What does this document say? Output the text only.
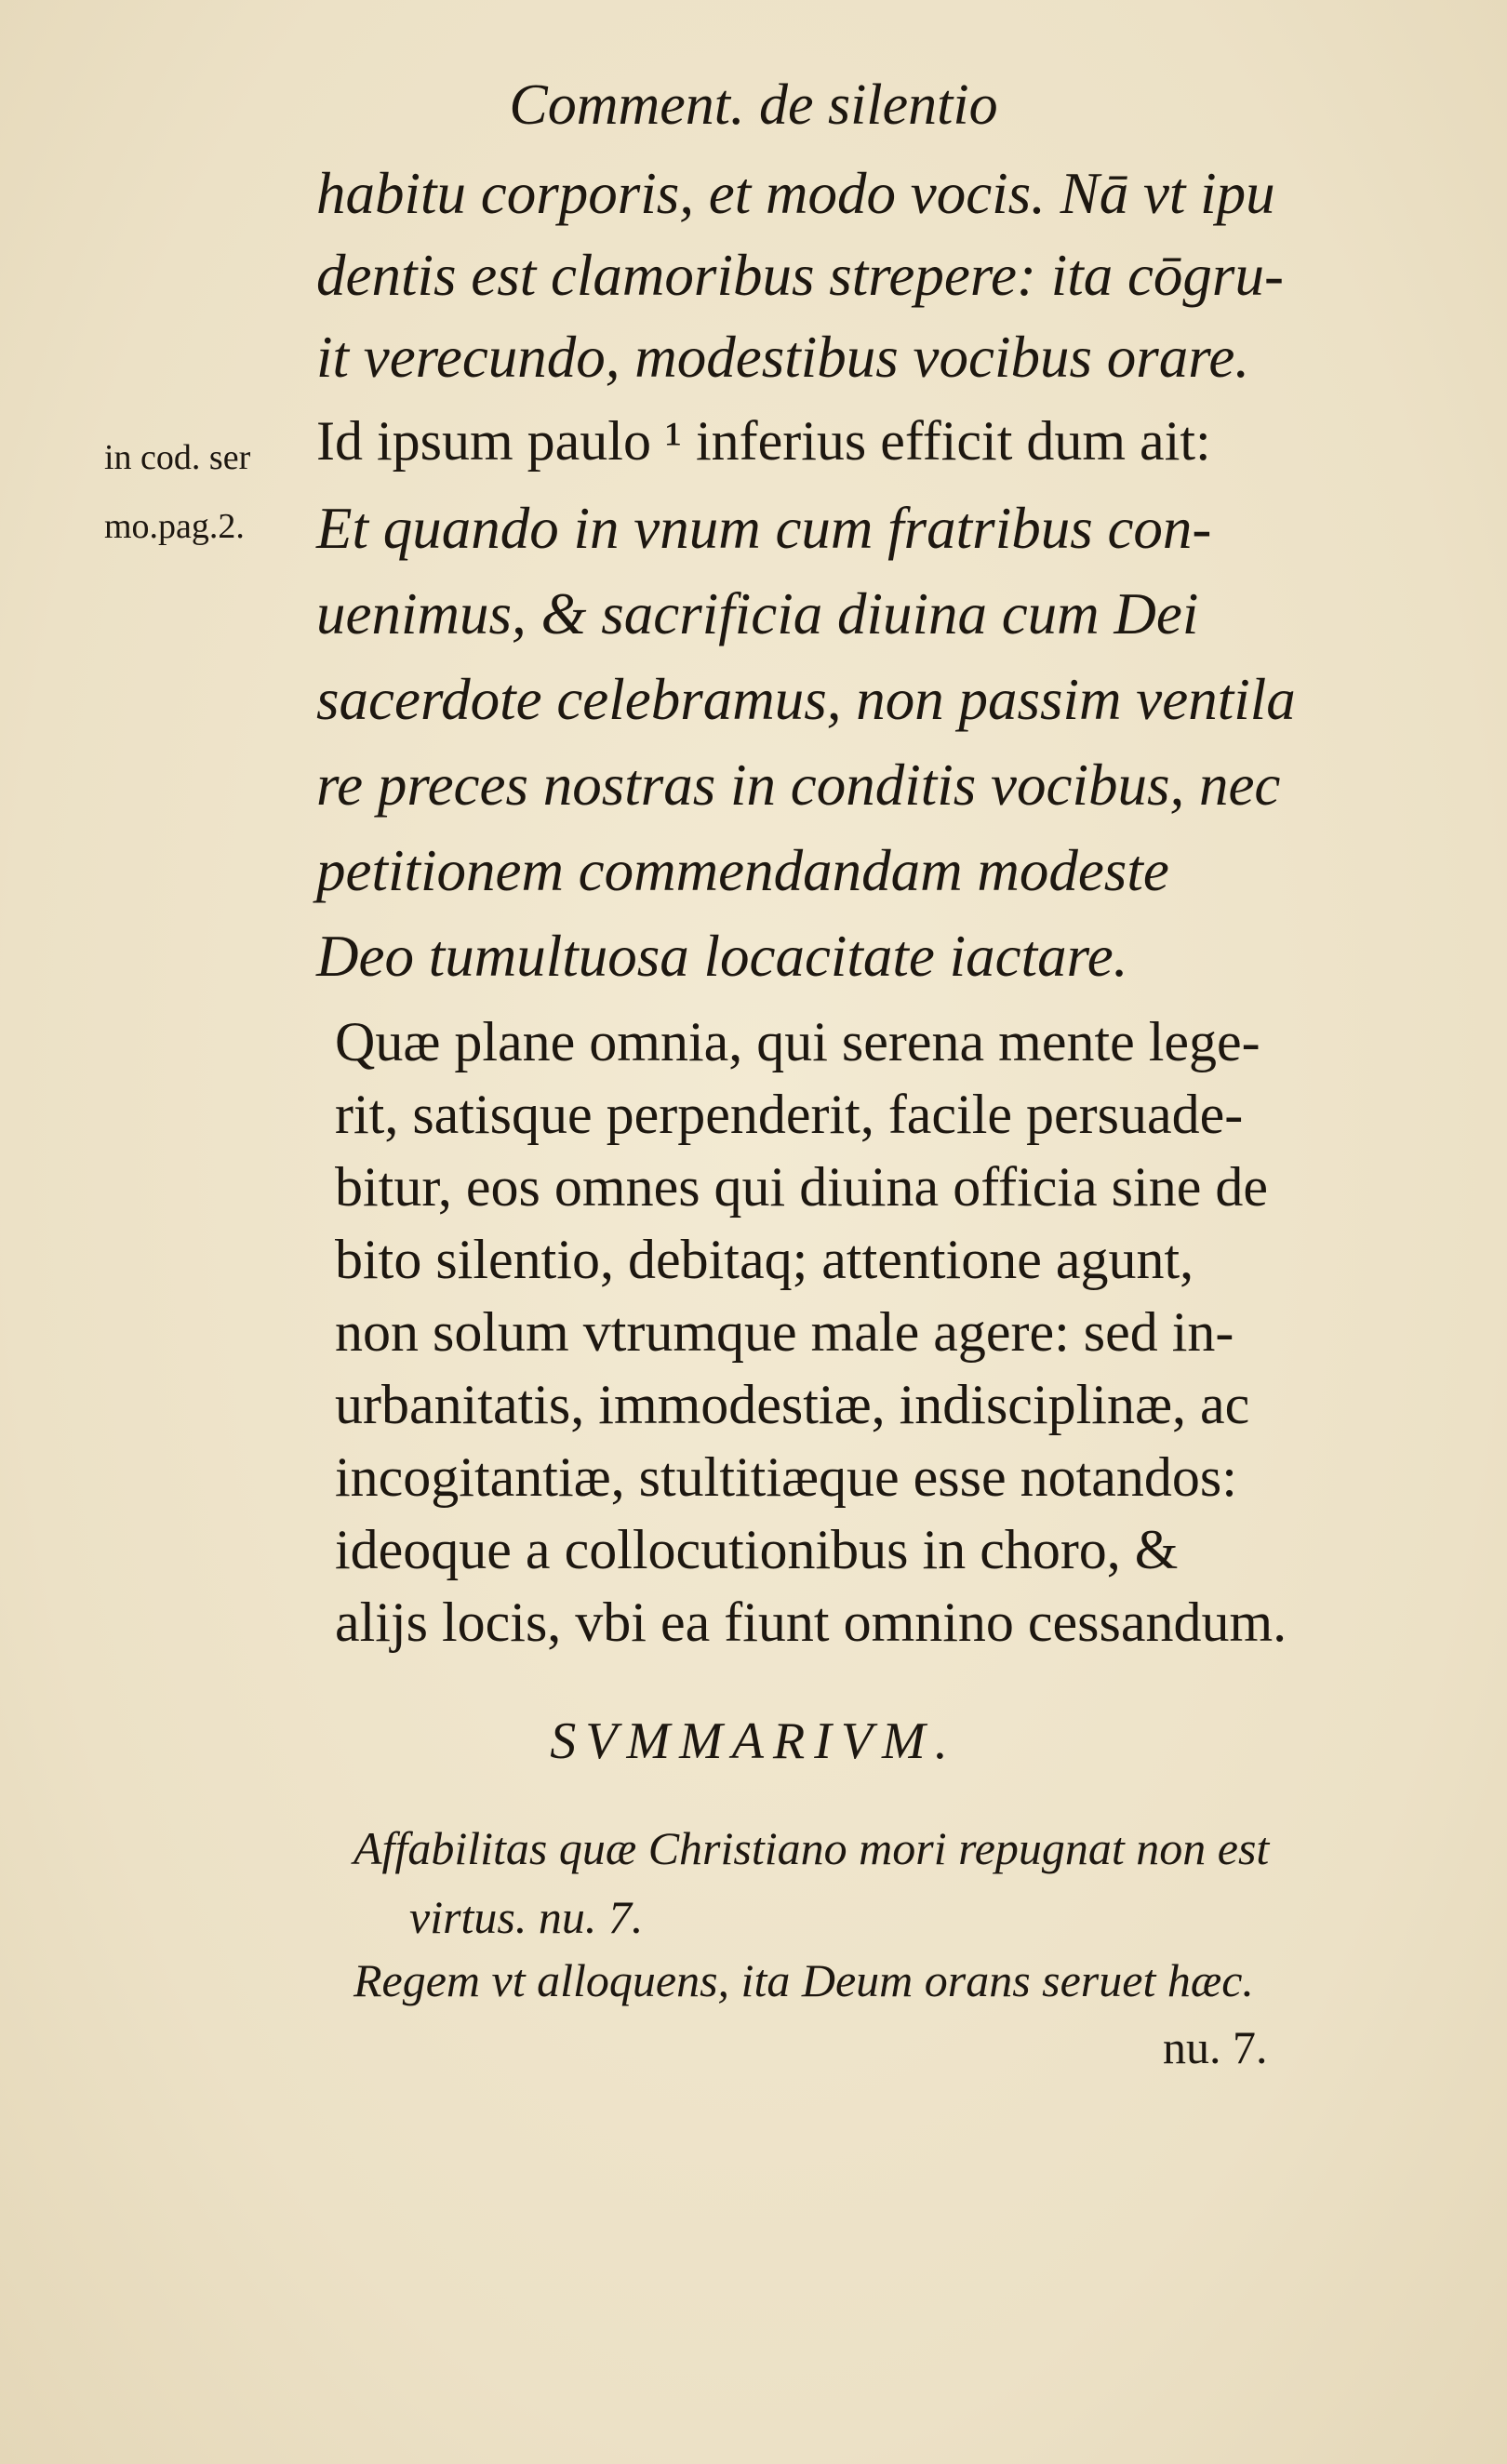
Comment. de silentio
habitu corporis, et modo vocis. Nā vt ipu
dentis est clamoribus strepere: ita cōgru-
it verecundo, modestibus vocibus orare.
Id ipsum paulo ¹ inferius efficit dum ait:
in cod. ser
mo.pag.2. Et quando in vnum cum fratribus con-
uenimus, & sacrificia diuina cum Dei
sacerdote celebramus, non passim ventila
re preces nostras in conditis vocibus, nec
petitionem commendandam modeste
Deo tumultuosa locacitate iactare.
Quæ plane omnia, qui serena mente lege-
rit, satisque perpenderit, facile persuade-
bitur, eos omnes qui diuina officia sine de
bito silentio, debitaq; attentione agunt,
non solum vtrumque male agere: sed in-
urbanitatis, immodestiæ, indisciplinæ, ac
incogitantiæ, stultitiæque esse notandos:
ideoque a collocutionibus in choro, &
alijs locis, vbi ea fiunt omnino cessandum.
SVMMARIVM.
Affabilitas quæ Christiano mori repugnat non est
virtus. nu. 7.
Regem vt alloquens, ita Deum orans seruet hæc.
nu. 7.
